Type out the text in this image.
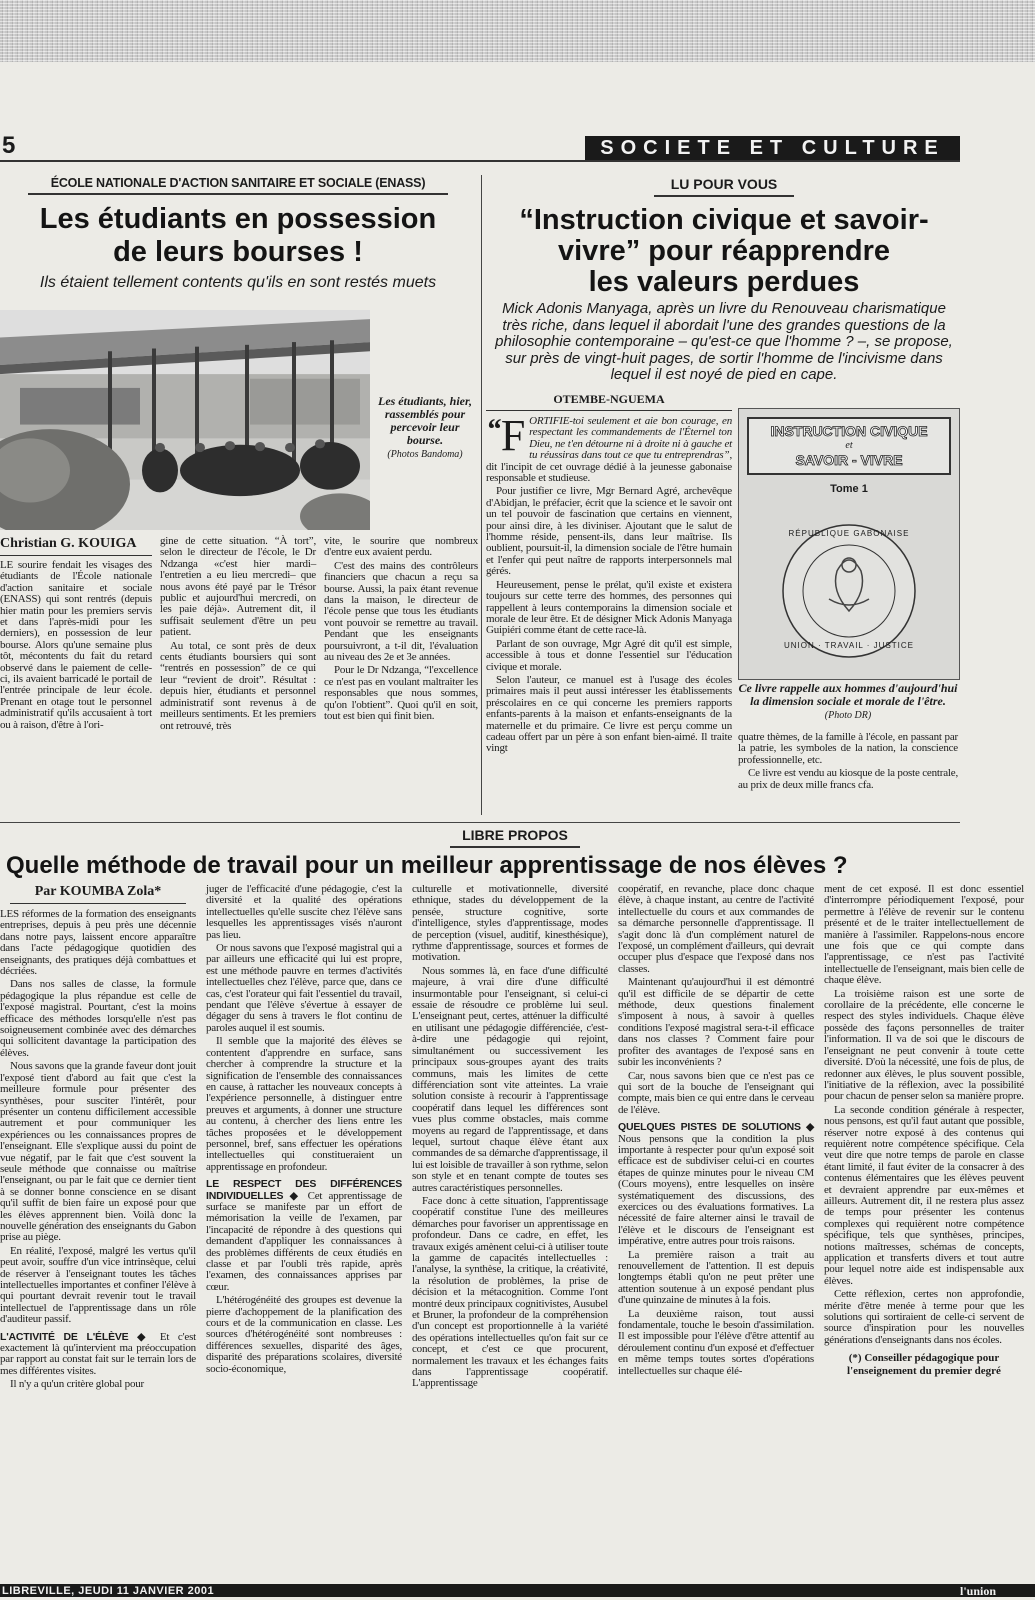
5	SOCIETE ET CULTURE
ÉCOLE NATIONALE D'ACTION SANITAIRE ET SOCIALE (ENASS)
Les étudiants en possession
de leurs bourses !
Ils étaient tellement contents qu'ils en sont restés muets
Les étudiants, hier, rassemblés pour percevoir leur bourse.
(Photos Bandoma)
Christian G. KOUIGA

LE sourire fendait les visages des étudiants de l'École nationale d'action sanitaire et sociale (ENASS) qui sont rentrés (depuis hier matin pour les premiers servis et dans l'après-midi pour les derniers), en possession de leur bourse. Alors qu'une semaine plus tôt, mécontents du fait du retard observé dans le paiement de celle-ci, ils avaient barricadé le portail de l'entrée principale de leur école. Prenant en otage tout le personnel administratif qu'ils accusaient à tort ou à raison, d'être à l'ori-

gine de cette situation. “À tort”, selon le directeur de l'école, le Dr Ndzanga «c'est hier mardi–l'entretien a eu lieu mercredi– que nous avons été payé par le Trésor public et aujourd'hui mercredi, on les paie déjà». Autrement dit, il suffisait seulement d'être un peu patient.

Au total, ce sont près de deux cents étudiants boursiers qui sont “rentrés en possession” de ce qui leur “revient de droit”. Résultat : depuis hier, étudiants et personnel administratif sont revenus à de meilleurs sentiments. Et les premiers ont retrouvé, très

vite, le sourire que nombreux d'entre eux avaient perdu.

C'est des mains des contrôleurs financiers que chacun a reçu sa bourse. Aussi, la paix étant revenue dans la maison, le directeur de l'école pense que tous les étudiants vont pouvoir se remettre au travail. Pendant que les enseignants poursuivront, a t-il dit, l'évaluation au niveau des 2e et 3e années.

Pour le Dr Ndzanga, “l'excellence ce n'est pas en voulant maltraiter les responsables que nous sommes, qu'on l'obtient”. Quoi qu'il en soit, tout est bien qui finit bien.

LU POUR VOUS
“Instruction civique et savoir-
vivre” pour réapprendre
les valeurs perdues
Mick Adonis Manyaga, après un livre du Renouveau charismatique très riche, dans lequel il abordait l'une des grandes questions de la philosophie contemporaine – qu'est-ce que l'homme ? –, se propose, sur près de vingt-huit pages, de sortir l'homme de l'incivisme dans lequel il est noyé de pied en cape.
OTEMBE-NGUEMA

“ F ORTIFIE-toi seulement et aie bon courage, en respectant les commandements de l'Éternel ton Dieu, ne t'en détourne ni à droite ni à gauche et tu réussiras dans tout ce que tu entreprendras”, dit l'incipit de cet ouvrage dédié à la jeunesse gabonaise responsable et studieuse.

Pour justifier ce livre, Mgr Bernard Agré, archevêque d'Abidjan, le préfacier, écrit que la science et le savoir ont un tel pouvoir de fascination que certains en viennent, pour ainsi dire, à les diviniser. Ajoutant que le salut de l'homme réside, pensent-ils, dans leur maîtrise. Ils oublient, poursuit-il, la dimension sociale de l'être humain et l'enfer qui peut naître de rapports interpersonnels mal gérés.

Heureusement, pense le prélat, qu'il existe et existera toujours sur cette terre des hommes, des personnes qui rappellent à leurs contemporains la dimension sociale et morale de leur être. Et de désigner Mick Adonis Manyaga Guipiéri comme étant de cette race-là.

Parlant de son ouvrage, Mgr Agré dit qu'il est simple, accessible à tous et donne l'essentiel sur l'éducation civique et morale.

Selon l'auteur, ce manuel est à l'usage des écoles primaires mais il peut aussi intéresser les établissements préscolaires en ce qui concerne les premiers rapports enfants-parents à la maison et enfants-enseignants de la maternelle et du primaire. Ce livre est perçu comme un cadeau offert par un père à son enfant bien-aimé. Il traite vingt

INSTRUCTION CIVIQUE
et
SAVOIR - VIVRE
Tome 1
RÉPUBLIQUE GABONAISE
UNION · TRAVAIL · JUSTICE
Ce livre rappelle aux hommes d'aujourd'hui la dimension sociale et morale de l'être.(Photo DR)

quatre thèmes, de la famille à l'école, en passant par la patrie, les symboles de la nation, la conscience professionnelle, etc.

Ce livre est vendu au kiosque de la poste centrale, au prix de deux mille francs cfa.

LIBRE PROPOS
Quelle méthode de travail pour un meilleur apprentissage de nos élèves ?
Par KOUMBA Zola*

LES réformes de la formation des enseignants entreprises, depuis à peu près une décennie dans notre pays, laissent encore apparaître dans l'acte pédagogique quotidien des enseignants, des pratiques déjà combattues et décriées.

Dans nos salles de classe, la formule pédagogique la plus répandue est celle de l'exposé magistral. Pourtant, c'est la moins efficace des méthodes lorsqu'elle n'est pas soigneusement combinée avec des démarches qui sollicitent davantage la participation des élèves.

Nous savons que la grande faveur dont jouit l'exposé tient d'abord au fait que c'est la meilleure formule pour présenter des synthèses, pour susciter l'intérêt, pour présenter un contenu difficilement accessible autrement et pour communiquer les expériences ou les connaissances propres de l'enseignant. Elle s'explique aussi du point de vue négatif, par le fait que c'est souvent la seule méthode que connaisse ou maîtrise l'enseignant, ou par le fait que ce dernier tient à se donner bonne conscience en se disant qu'il suffit de bien faire un exposé pour que les élèves apprennent bien. Voilà donc la nouvelle génération des enseignants du Gabon prise au piège.

En réalité, l'exposé, malgré les vertus qu'il peut avoir, souffre d'un vice intrinsèque, celui de réserver à l'enseignant toutes les tâches intellectuelles importantes et confiner l'élève à qui pourtant devrait revenir tout le travail intellectuel de l'apprentissage dans un rôle d'auditeur passif.

L'ACTIVITÉ DE L'ÉLÈVE ◆ Et c'est exactement là qu'intervient ma préoccupation par rapport au constat fait sur le terrain lors de mes différentes visites.

Il n'y a qu'un critère global pour

juger de l'efficacité d'une pédagogie, c'est la diversité et la qualité des opérations intellectuelles qu'elle suscite chez l'élève sans lesquelles les apprentissages visés n'auront pas lieu.

Or nous savons que l'exposé magistral qui a par ailleurs une efficacité qui lui est propre, est une méthode pauvre en termes d'activités intellectuelles chez l'élève, parce que, dans ce cas, c'est l'orateur qui fait l'essentiel du travail, pendant que l'élève s'évertue à essayer de dégager du sens à travers le flot continu de paroles auquel il est soumis.

Il semble que la majorité des élèves se contentent d'apprendre en surface, sans chercher à comprendre la structure et la signification de l'ensemble des connaissances en cause, à rattacher les nouveaux concepts à l'expérience personnelle, à distinguer entre preuves et arguments, à donner une structure au contenu, à chercher des liens entre les tâches proposées et le développement personnel, bref, sans effectuer les opérations intellectuelles qui constitueraient un apprentissage en profondeur.

LE RESPECT DES DIFFÉRENCES INDIVIDUELLES ◆ Cet apprentissage de surface se manifeste par un effort de mémorisation la veille de l'examen, par l'incapacité de répondre à des questions qui demandent d'appliquer les connaissances à des problèmes différents de ceux étudiés en classe et par l'oubli très rapide, après l'examen, des connaissances apprises par cœur.

L'hétérogénéité des groupes est devenue la pierre d'achoppement de la planification des cours et de la communication en classe. Les sources d'hétérogénéité sont nombreuses : différences sexuelles, disparité des âges, disparité des préparations scolaires, diversité socio-économique,

culturelle et motivationnelle, diversité ethnique, stades du développement de la pensée, structure cognitive, sorte d'intelligence, styles d'apprentissage, modes de perception (visuel, auditif, kinesthésique), rythme d'apprentissage, sources et formes de motivation.

Nous sommes là, en face d'une difficulté majeure, à vrai dire d'une difficulté insurmontable pour l'enseignant, si celui-ci essaie de résoudre ce problème lui seul. L'enseignant peut, certes, atténuer la difficulté en utilisant une pédagogie différenciée, c'est-à-dire une pédagogie qui rejoint, simultanément ou successivement les principaux sous-groupes ayant des traits communs, mais les limites de cette différenciation sont vite atteintes. La vraie solution consiste à recourir à l'apprentissage coopératif dans lequel les différences sont vues plus comme obstacles, mais comme moyens au regard de l'apprentissage, et dans lequel, surtout chaque élève étant aux commandes de sa démarche d'apprentissage, il lui est loisible de travailler à son rythme, selon son style et en tenant compte de toutes ses autres caractéristiques personnelles.

Face donc à cette situation, l'apprentissage coopératif constitue l'une des meilleures démarches pour favoriser un apprentissage en profondeur. Dans ce cadre, en effet, les travaux exigés amènent celui-ci à utiliser toute la gamme de capacités intellectuelles : l'analyse, la synthèse, la critique, la créativité, la résolution de problèmes, la prise de décision et la métacognition. Comme l'ont montré deux principaux cognitivistes, Ausubel et Bruner, la profondeur de la compréhension d'un concept est proportionnelle à la variété des opérations intellectuelles qu'on fait sur ce concept, et c'est ce que procurent, normalement les travaux et les échanges faits dans l'apprentissage coopératif. L'apprentissage

coopératif, en revanche, place donc chaque élève, à chaque instant, au centre de l'activité intellectuelle du cours et aux commandes de sa démarche personnelle d'apprentissage. Il s'agit donc là d'un complément naturel de l'exposé, un complément d'ailleurs, qui devrait occuper plus d'espace que l'exposé dans nos classes.

Maintenant qu'aujourd'hui il est démontré qu'il est difficile de se départir de cette méthode, deux questions finalement s'imposent à nous, à savoir à quelles conditions l'exposé magistral sera-t-il efficace dans nos classes ? Comment faire pour profiter des avantages de l'exposé sans en subir les inconvénients ?

Car, nous savons bien que ce n'est pas ce qui sort de la bouche de l'enseignant qui compte, mais bien ce qui entre dans le cerveau de l'élève.

QUELQUES PISTES DE SOLUTIONS ◆ Nous pensons que la condition la plus importante à respecter pour qu'un exposé soit efficace est de subdiviser celui-ci en courtes étapes de quinze minutes pour le niveau CM (Cours moyens), entre lesquelles on insère systématiquement des discussions, des exercices ou des évaluations formatives. La nécessité de faire alterner ainsi le travail de l'élève et le discours de l'enseignant est impérative, entre autres pour trois raisons.

La première raison a trait au renouvellement de l'attention. Il est depuis longtemps établi qu'on ne peut prêter une attention soutenue à un exposé pendant plus d'une quinzaine de minutes à la fois.

La deuxième raison, tout aussi fondamentale, touche le besoin d'assimilation. Il est impossible pour l'élève d'être attentif au déroulement continu d'un exposé et d'effectuer en même temps toutes sortes d'opérations intellectuelles sur chaque élé-

ment de cet exposé. Il est donc essentiel d'interrompre périodiquement l'exposé, pour permettre à l'élève de revenir sur le contenu présenté et de le traiter intellectuellement de manière à l'assimiler. Rappelons-nous encore une fois que ce qui compte dans l'apprentissage, ce n'est pas l'activité intellectuelle de l'enseignant, mais bien celle de chaque élève.

La troisième raison est une sorte de corollaire de la précédente, elle concerne le respect des styles individuels. Chaque élève possède des façons personnelles de traiter l'information. Il va de soi que le discours de l'enseignant ne peut convenir à toute cette diversité. D'où la nécessité, une fois de plus, de redonner aux élèves, le plus souvent possible, l'initiative de la réflexion, avec la possibilité pour chacun de penser selon sa manière propre.

La seconde condition générale à respecter, nous pensons, est qu'il faut autant que possible, réserver notre exposé à des contenus qui requièrent notre compétence spécifique. Cela veut dire que notre temps de parole en classe étant limité, il faut éviter de la consacrer à des contenus élémentaires que les élèves peuvent et devraient apprendre par eux-mêmes et ailleurs. Autrement dit, il ne restera plus assez de temps pour présenter les contenus complexes qui requièrent notre compétence spécifique, tels que synthèses, principes, notions maîtresses, schémas de concepts, application et transferts divers et tout autre pour lequel notre aide est indispensable aux élèves.

Cette réflexion, certes non approfondie, mérite d'être menée à terme pour que les solutions qui sortiraient de celle-ci servent de source d'inspiration pour les nouvelles générations d'enseignants dans nos écoles.

(*) Conseiller pédagogique pour l'enseignement du premier degré
LIBREVILLE, JEUDI 11 JANVIER 2001	l'union
